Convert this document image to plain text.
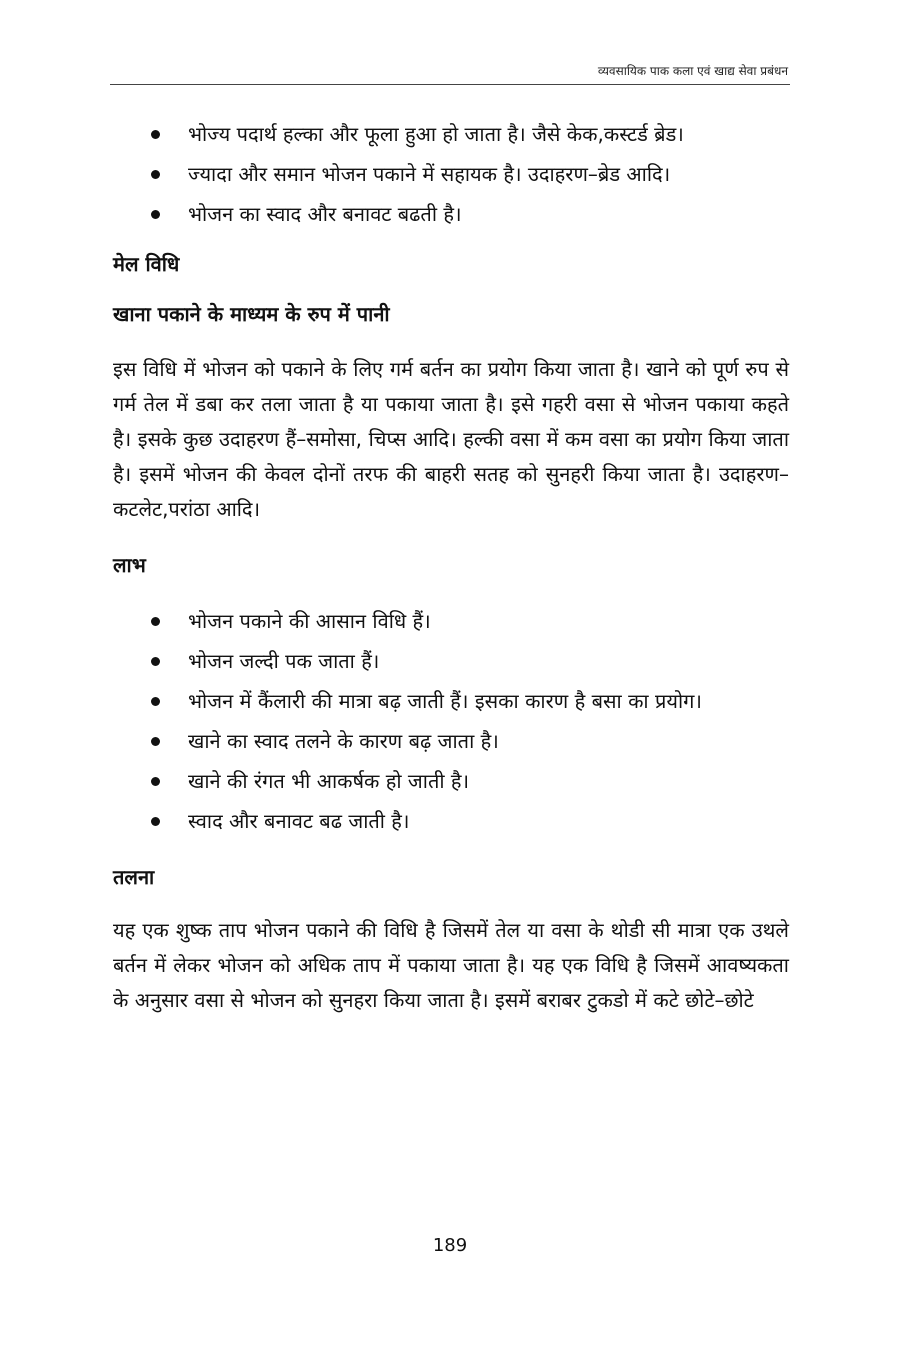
व्यवसायिक पाक कला एवं खाद्य सेवा प्रबंधन
भोज्य पदार्थ हल्का और फूला हुआ हो जाता है। जैसे केक,कस्टर्ड ब्रेड।
ज्यादा और समान भोजन पकाने में सहायक है। उदाहरण–ब्रेड आदि।
भोजन का स्वाद और बनावट बढती है।
मेल विधि
खाना पकाने के माध्यम के रुप में पानी

इस विधि में भोजन को पकाने के लिए गर्म बर्तन का प्रयोग किया जाता है। खाने को पूर्ण रुप से गर्म तेल में डबा कर तला जाता है या पकाया जाता है। इसे गहरी वसा से भोजन पकाया कहते है। इसके कुछ उदाहरण हैं–समोसा, चिप्स आदि। हल्की वसा में कम वसा का प्रयोग किया जाता है। इसमें भोजन की केवल दोनों तरफ की बाहरी सतह को सुनहरी किया जाता है। उदाहरण–कटलेट,परांठा आदि।

लाभ
भोजन पकाने की आसान विधि हैं।
भोजन जल्दी पक जाता हैं।
भोजन में कैंलारी की मात्रा बढ़ जाती हैं। इसका कारण है बसा का प्रयोग।
खाने का स्वाद तलने के कारण बढ़ जाता है।
खाने की रंगत भी आकर्षक हो जाती है।
स्वाद और बनावट बढ जाती है।
तलना

यह एक शुष्क ताप भोजन पकाने की विधि है जिसमें तेल या वसा के थोडी सी मात्रा एक उथले बर्तन में लेकर भोजन को अधिक ताप में पकाया जाता है। यह एक विधि है जिसमें आवष्यकता के अनुसार वसा से भोजन को सुनहरा किया जाता है। इसमें बराबर टुकडो में कटे छोटे–छोटे

189
